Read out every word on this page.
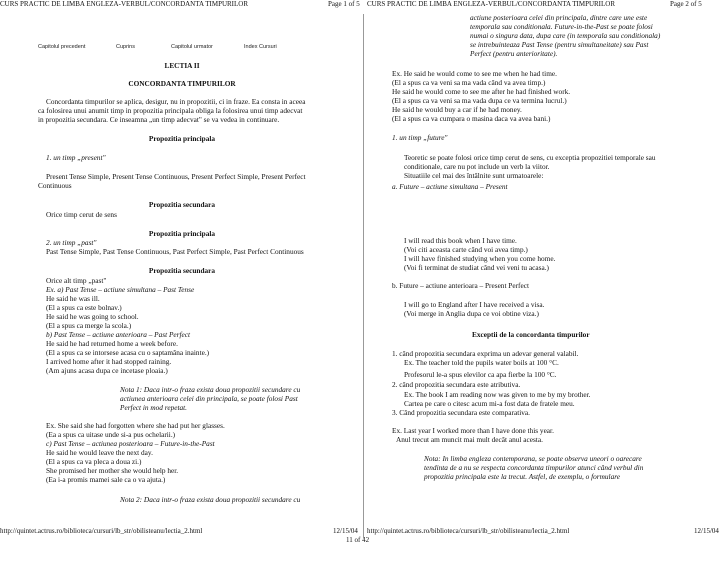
CURS PRACTIC DE LIMBA ENGLEZA-VERBUL/CONCORDANTA TIMPURILOR	Page 1 of 5
Capitolul precedent	Cuprins	Capitolul urmator	Index Cursuri
LECTIA II
CONCORDANTA TIMPURILOR
Concordanta timpurilor se aplica, desigur, nu in propozitii, ci in fraze. Ea consta in aceea
ca folosirea unui anumit timp in propozitia principala obliga la folosirea unui timp adecvat
in propozitia secundara. Ce inseamna „un timp adecvat" se va vedea in continuare.
Propozitia principala
1. un timp „present"
Present Tense Simple, Present Tense Continuous, Present Perfect Simple, Present Perfect
Continuous
Propozitia secundara
Orice timp cerut de sens
Propozitia principala
2. un timp „past"
Past Tense Simple, Past Tense Continuous, Past Perfect Simple, Past Perfect Continuous
Propozitia secundara
Orice alt timp „past"
Ex. a) Past Tense – actiune simultana – Past Tense
He said he was ill.
(El a spus ca este bolnav.)
He said he was going to school.
(El a spus ca merge la scola.)
b) Past Tense – actiune anterioara – Past Perfect
He said he had returned home a week before.
(El a spus ca se intorsese acasa cu o saptamâna inainte.)
I arrived home after it had stopped raining.
(Am ajuns acasa dupa ce incetase ploaia.)
Nota 1: Daca intr-o fraza exista doua propozitii secundare cu
actiunea anterioara celei din principala, se poate folosi Past
Perfect in mod repetat.
Ex. She said she had forgotten where she had put her glasses.
(Ea a spus ca uitase unde si-a pus ochelarii.)
c) Past Tense – actiunea posterioara – Future-in-the-Past
He said he would leave the next day.
(El a spus ca va pleca a doua zi.)
She promised her mother she would help her.
(Ea i-a promis mamei sale ca o va ajuta.)
Nota 2: Daca intr-o fraza exista doua propozitii secundare cu
http://quintet.actrus.ro/biblioteca/cursuri/lb_str/obilisteanu/lectia_2.html	12/15/04
CURS PRACTIC DE LIMBA ENGLEZA-VERBUL/CONCORDANTA TIMPURILOR	Page 2 of 5
actiune posterioara celei din principala, dintre care une este
temporala sau conditionala. Future-in-the-Past se poate folosi
numai o singura data, dupa care (in temporala sau conditionala)
se intrebuinteaza Past Tense (pentru simultaneitate) sau Past
Perfect (pentru anterioritate).
Ex. He said he would come to see me when he had time.
(El a spus ca va veni sa ma vada când va avea timp.)
He said he would come to see me after he had finished work.
(El a spus ca va veni sa ma vada dupa ce va termina lucrul.)
He said he would buy a car if he had money.
(El a spus ca va cumpara o masina daca va avea bani.)
1. un timp „future"
Teoretic se poate folosi orice timp cerut de sens, cu exceptia propozitiei temporale sau
conditionale, care nu pot include un verb la viitor.
Situatiile cel mai des întâlnite sunt urmatoarele:
a. Future – actiune simultana – Present
I will read this book when I have time.
(Voi citi aceasta carte când voi avea timp.)
I will have finished studying when you come home.
(Voi fi terminat de studiat când vei veni tu acasa.)
b. Future – actiune anterioara – Present Perfect
I will go to England after I have received a visa.
(Voi merge in Anglia dupa ce voi obtine viza.)
Exceptii de la concordanta timpurilor
1. când propozitia secundara exprima un adevar general valabil.
Ex. The teacher told the pupils water boils at 100 °C.
Profesorul le-a spus elevilor ca apa fierbe la 100 °C.
2. când propozitia secundara este atributiva.
Ex. The book I am reading now was given to me by my brother.
Cartea pe care o citesc acum mi-a fost data de fratele meu.
3. Când propozitia secundara este comparativa.
Ex. Last year I worked more than I have done this year.
Anul trecut am muncit mai mult decât anul acesta.
Nota: In limba engleza contemporana, se poate observa uneori o oarecare
tendinta de a nu se respecta concordanta timpurilor atunci când verbul din
propozitia principala este la trecut. Astfel, de exemplu, o formulare
http://quintet.actrus.ro/biblioteca/cursuri/lb_str/obilisteanu/lectia_2.html	12/15/04
11 of 42
